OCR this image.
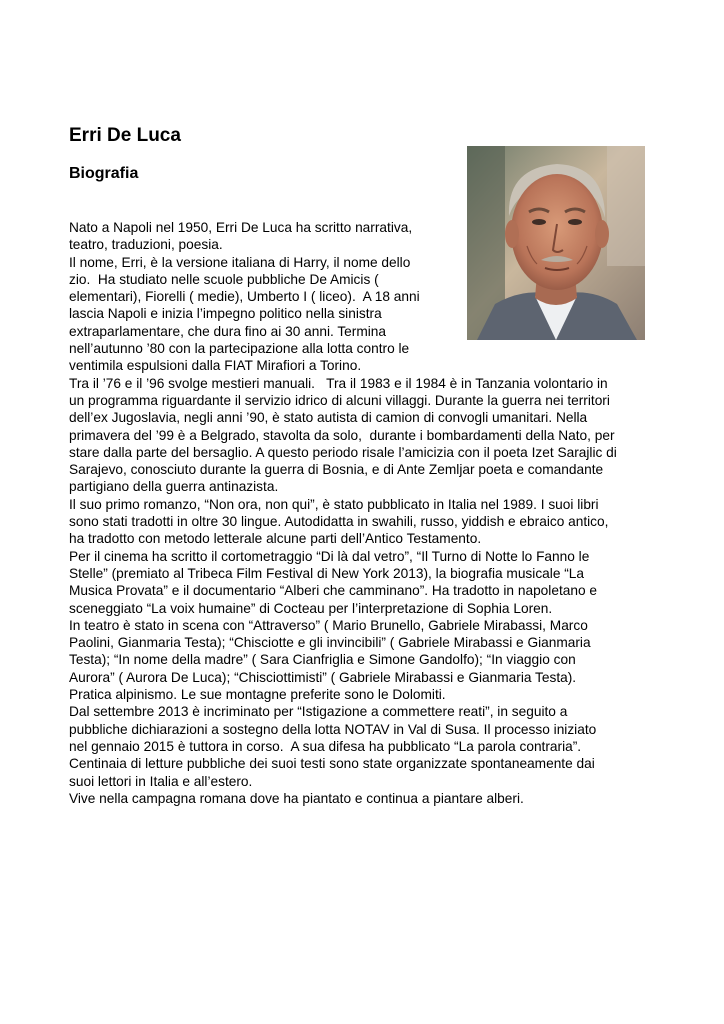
Erri De Luca
Biografia
Nato a Napoli nel 1950, Erri De Luca ha scritto narrativa,
teatro, traduzioni, poesia.
Il nome, Erri, è la versione italiana di Harry, il nome dello
zio.  Ha studiato nelle scuole pubbliche De Amicis (
elementari), Fiorelli ( medie), Umberto I ( liceo).  A 18 anni
lascia Napoli e inizia l’impegno politico nella sinistra
extraparlamentare, che dura fino ai 30 anni. Termina
nell’autunno ’80 con la partecipazione alla lotta contro le
ventimila espulsioni dalla FIAT Mirafiori a Torino.
Tra il ’76 e il ’96 svolge mestieri manuali.   Tra il 1983 e il 1984 è in Tanzania volontario in
un programma riguardante il servizio idrico di alcuni villaggi. Durante la guerra nei territori
dell’ex Jugoslavia, negli anni ’90, è stato autista di camion di convogli umanitari. Nella
primavera del ’99 è a Belgrado, stavolta da solo,  durante i bombardamenti della Nato, per
stare dalla parte del bersaglio. A questo periodo risale l’amicizia con il poeta Izet Sarajlic di
Sarajevo, conosciuto durante la guerra di Bosnia, e di Ante Zemljar poeta e comandante
partigiano della guerra antinazista.
Il suo primo romanzo, “Non ora, non qui”, è stato pubblicato in Italia nel 1989. I suoi libri
sono stati tradotti in oltre 30 lingue. Autodidatta in swahili, russo, yiddish e ebraico antico,
ha tradotto con metodo letterale alcune parti dell’Antico Testamento.
Per il cinema ha scritto il cortometraggio “Di là dal vetro”, “Il Turno di Notte lo Fanno le
Stelle” (premiato al Tribeca Film Festival di New York 2013), la biografia musicale “La
Musica Provata” e il documentario “Alberi che camminano”. Ha tradotto in napoletano e
sceneggiato “La voix humaine” di Cocteau per l’interpretazione di Sophia Loren.
In teatro è stato in scena con “Attraverso” ( Mario Brunello, Gabriele Mirabassi, Marco
Paolini, Gianmaria Testa); “Chisciotte e gli invincibili” ( Gabriele Mirabassi e Gianmaria
Testa); “In nome della madre” ( Sara Cianfriglia e Simone Gandolfo); “In viaggio con
Aurora” ( Aurora De Luca); “Chisciottimisti” ( Gabriele Mirabassi e Gianmaria Testa).
Pratica alpinismo. Le sue montagne preferite sono le Dolomiti.
Dal settembre 2013 è incriminato per “Istigazione a commettere reati”, in seguito a
pubbliche dichiarazioni a sostegno della lotta NOTAV in Val di Susa. Il processo iniziato
nel gennaio 2015 è tuttora in corso.  A sua difesa ha pubblicato “La parola contraria”.
Centinaia di letture pubbliche dei suoi testi sono state organizzate spontaneamente dai
suoi lettori in Italia e all’estero.
Vive nella campagna romana dove ha piantato e continua a piantare alberi.
